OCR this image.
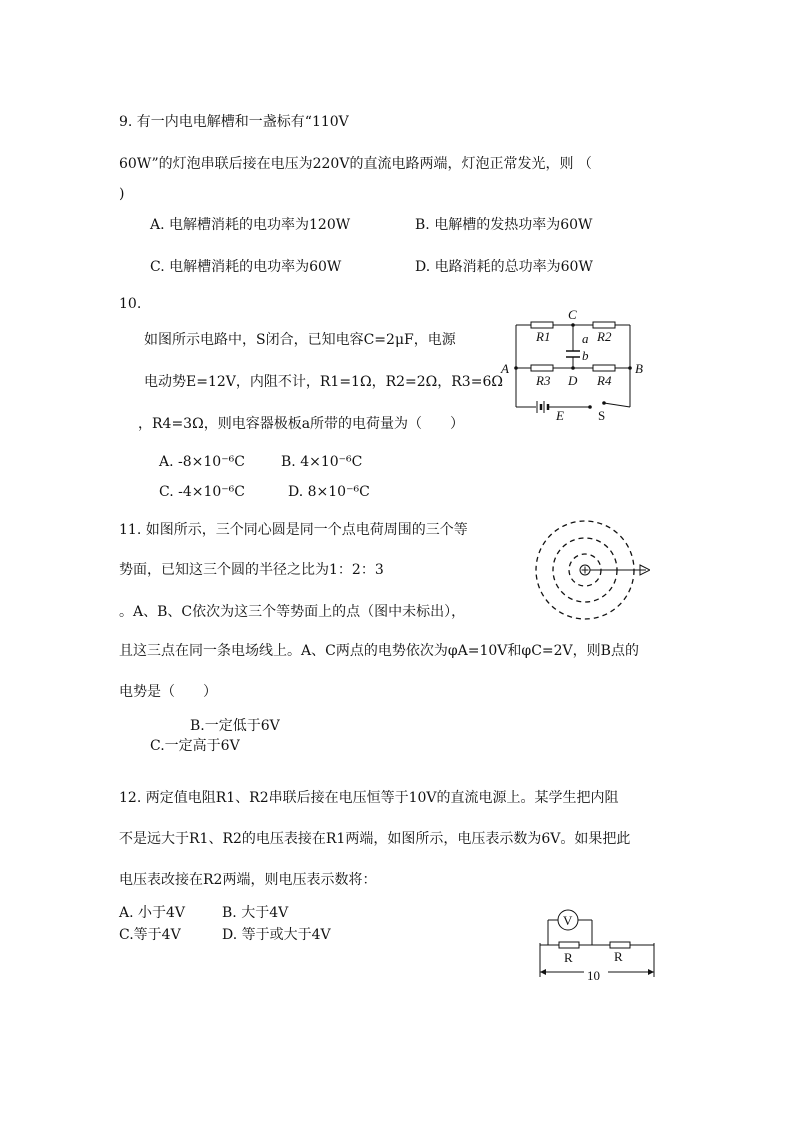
9. 有一内电电解槽和一盏标有“110V
60W”的灯泡串联后接在电压为220V的直流电路两端，灯泡正常发光，则 （
)
A. 电解槽消耗的电功率为120W	B. 电解槽的发热功率为60W
C. 电解槽消耗的电功率为60W	D. 电路消耗的总功率为60W
10.
如图所示电路中，S闭合，已知电容C=2μF，电源
电动势E=12V，内阻不计，R1=1Ω，R2=2Ω，R3=6Ω
，R4=3Ω，则电容器极板a所带的电荷量为（　　）
A. -8×10⁻⁶C	B. 4×10⁻⁶C
C. -4×10⁻⁶C	D. 8×10⁻⁶C
C
R1	R2
a
b
A	B
R3 D R4
E	S
11. 如图所示，三个同心圆是同一个点电荷周围的三个等
势面，已知这三个圆的半径之比为1：2：3
。A、B、C依次为这三个等势面上的点（图中未标出），
且这三点在同一条电场线上。A、C两点的电势依次为φA=10V和φC=2V，则B点的
电势是（　　）
B.一定低于6V
C.一定高于6V
12. 两定值电阻R1、R2串联后接在电压恒等于10V的直流电源上。某学生把内阻
不是远大于R1、R2的电压表接在R1两端，如图所示，电压表示数为6V。如果把此
电压表改接在R2两端，则电压表示数将：
A. 小于4V	B. 大于4V
C.等于4V	D. 等于或大于4V
V
R	R
10
